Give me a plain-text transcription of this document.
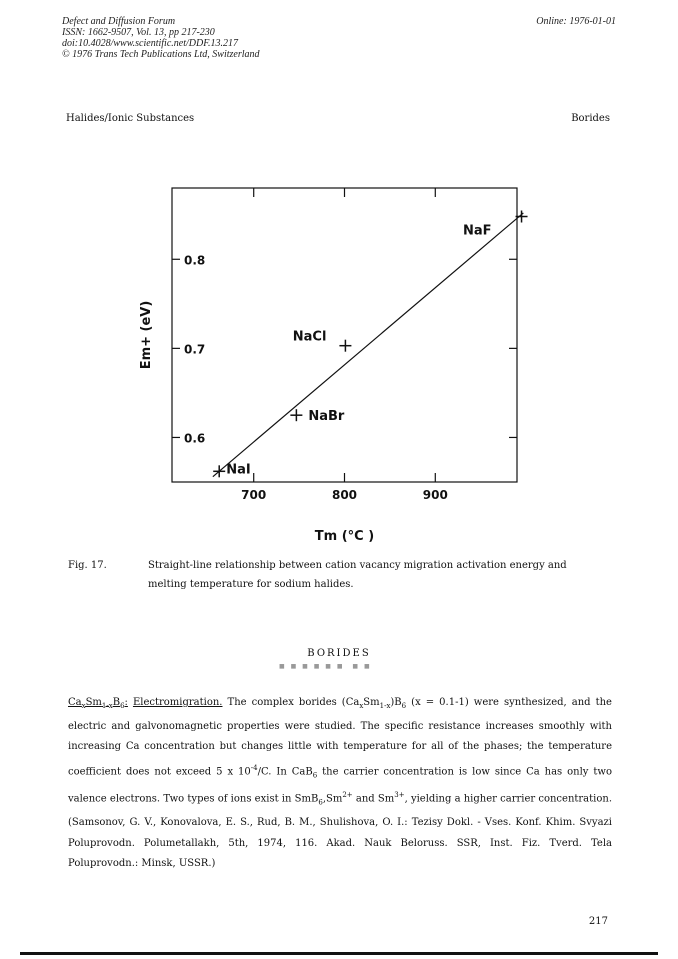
Defect and Diffusion Forum
ISSN: 1662-9507, Vol. 13, pp 217-230
doi:10.4028/www.scientific.net/DDF.13.217
© 1976 Trans Tech Publications Ltd, Switzerland
Online: 1976-01-01
Halides/Ionic Substances	Borides
700	800	900
0.6
0.7
0.8
NaI
NaBr
NaCl
NaF
Tm (°C )
Em+ (eV)
Fig. 17.	Straight-line relationship between cation vacancy migration activation energy and melting temperature for sodium halides.
BORIDES
■ ■ ■ ■ ■ ■  ■ ■
$Ca_xSm_{1-x}B_6$: Electromigration. The complex borides $(Ca_xSm_{1-x})B_6$ (x = 0.1-1) were synthesized, and the electric and galvonomagnetic properties were studied. The specific resistance increases smoothly with increasing Ca concentration but changes little with temperature for all of the phases; the temperature coefficient does not exceed 5 x $10^{-4}/C$. In CaB$_6$ the carrier concentration is low since Ca has only two valence electrons. Two types of ions exist in $SmB_6,Sm^{2+}$ and $Sm^{3+}$, yielding a higher carrier concentration. (Samsonov, G. V., Konovalova, E. S., Rud, B. M., Shulishova, O. I.: Tezisy Dokl. - Vses. Konf. Khim. Svyazi Poluprovodn. Polumetallakh, 5th, 1974, 116. Akad. Nauk Beloruss. SSR, Inst. Fiz. Tverd. Tela Poluprovodn.: Minsk, USSR.)
217
